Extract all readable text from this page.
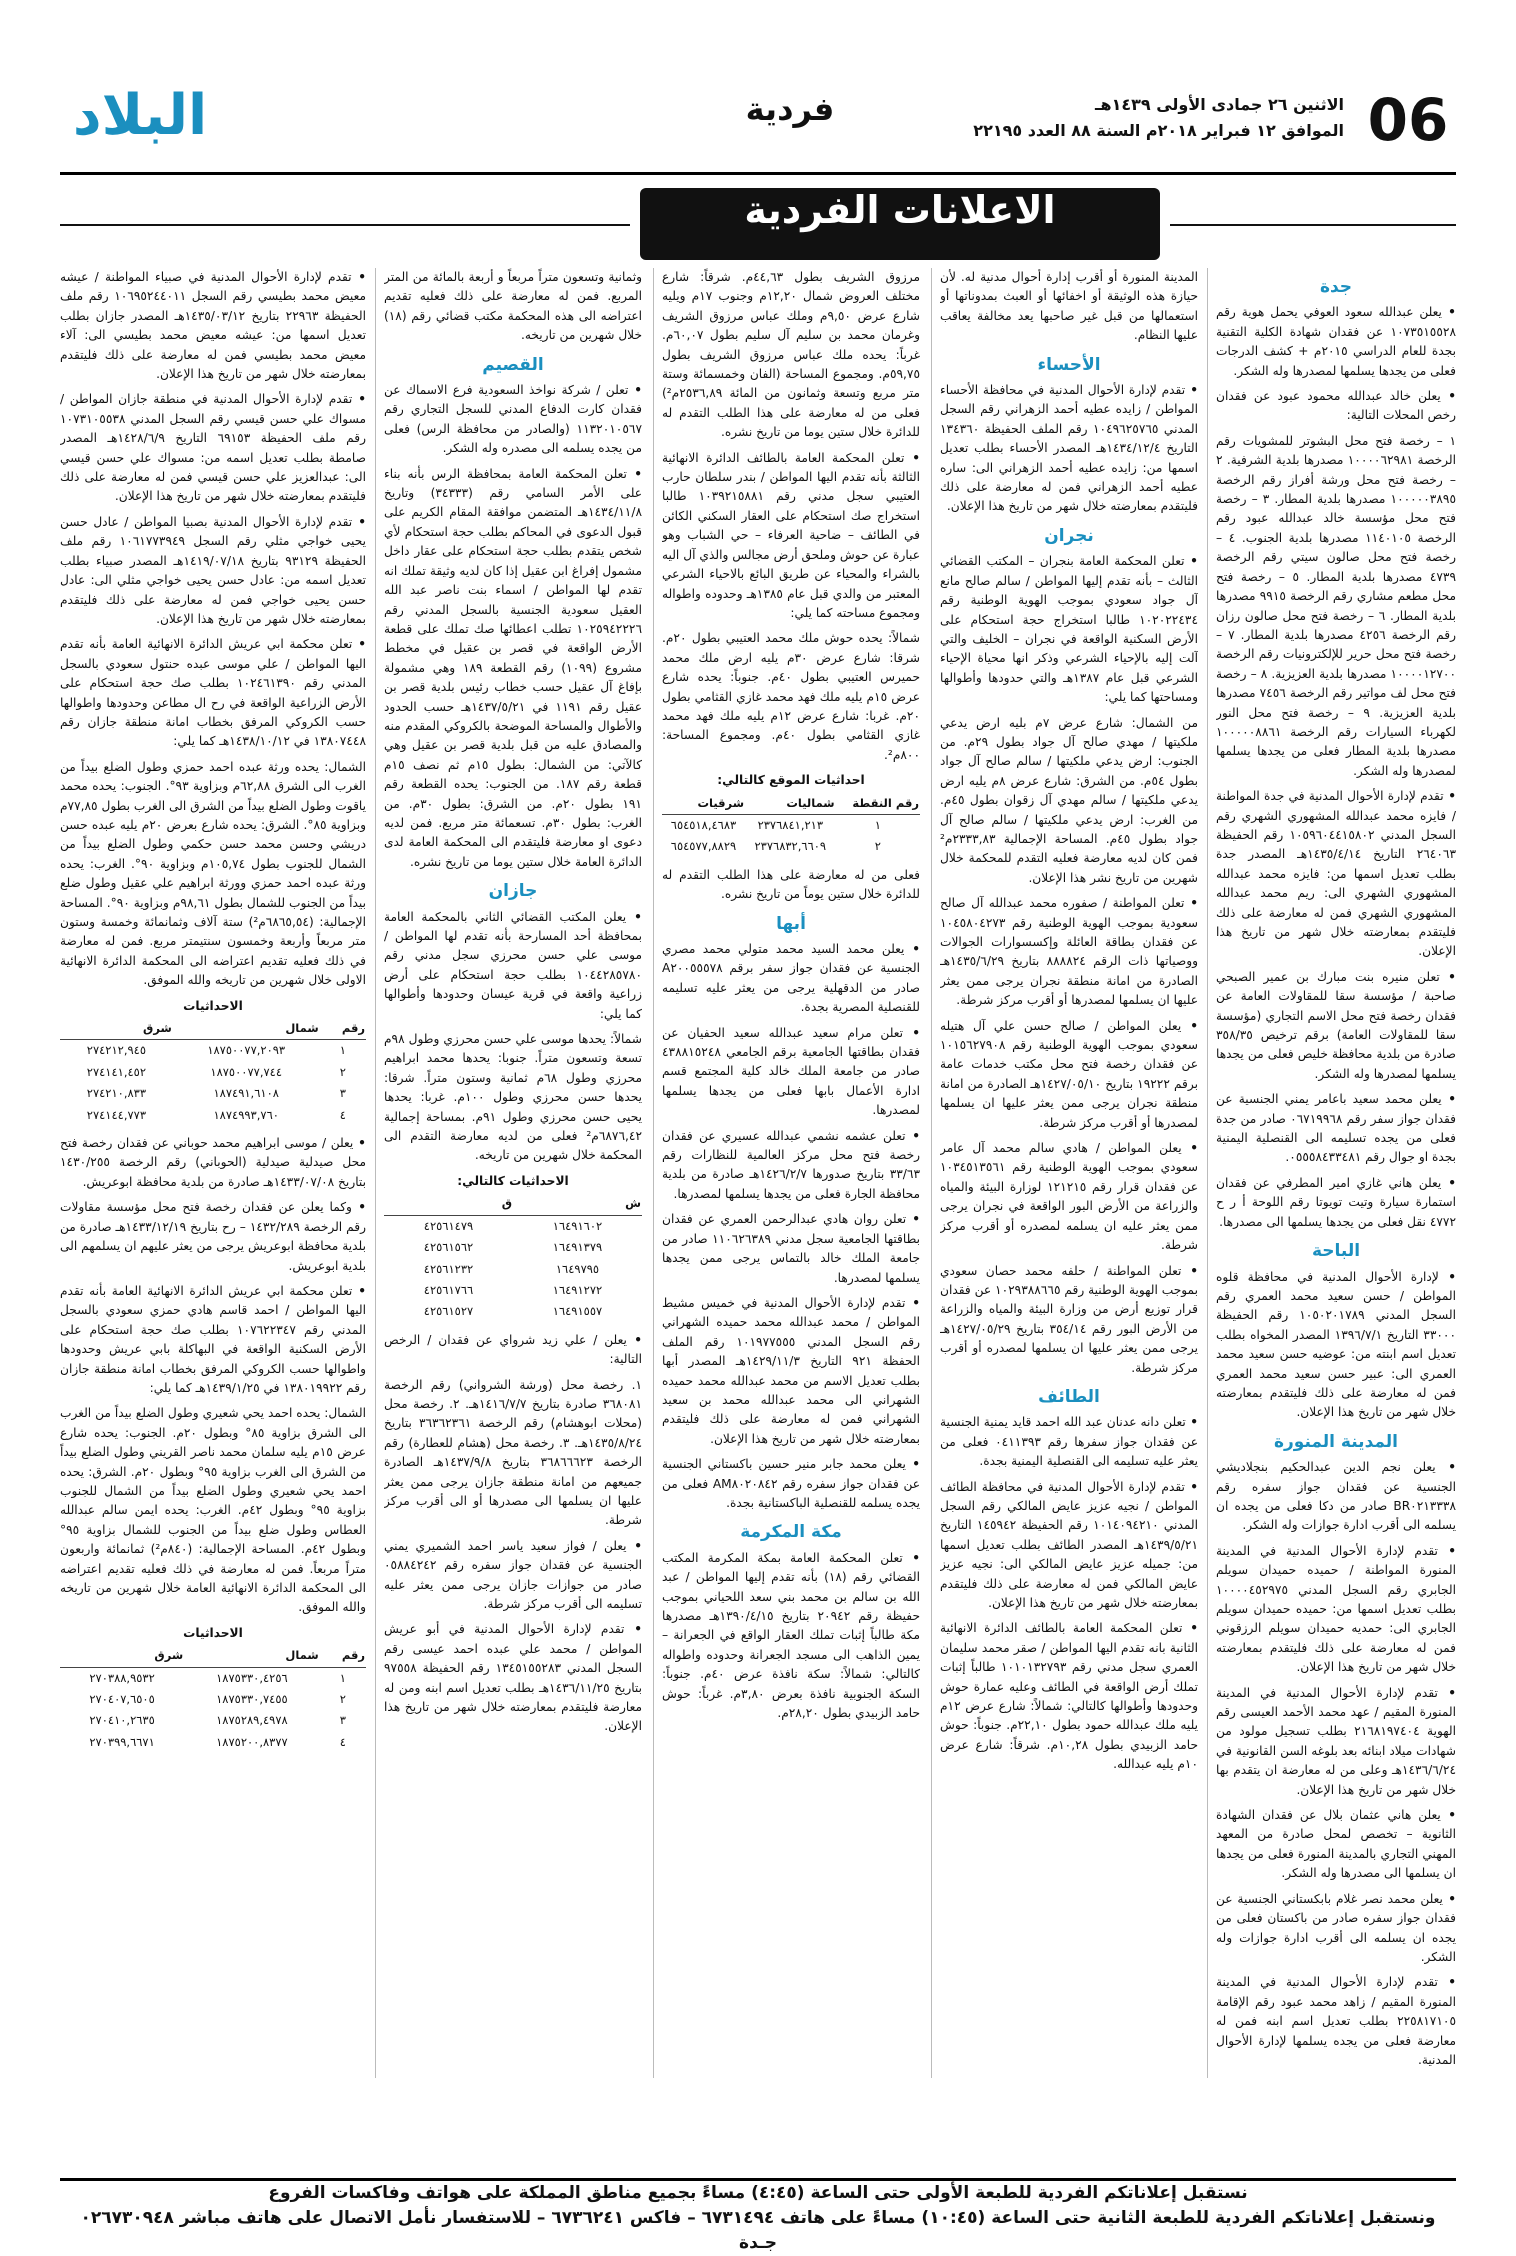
06
الاثنين ٢٦ جمادى الأولى ١٤٣٩هـ
الموافق ١٢ فبراير ٢٠١٨م السنة ٨٨ العدد ٢٢١٩٥
فردية
البلاد
الاعلانات الفردية
جدة
• يعلن عبدالله سعود العوفي يحمل هوية رقم ١٠٧٣٥١٥٥٢٨ عن فقدان شهادة الكلية التقنية بجدة للعام الدراسي ٢٠١٥م + كشف الدرجات فعلى من يجدها يسلمها لمصدرها وله الشكر.
• يعلن خالد عبدالله محمود عبود عن فقدان رخص المحلات التالية:
١ – رخصة فتح محل البشوتر للمشويات رقم الرخصة ١٠٠٠٠٦٢٩٨١ مصدرها بلدية الشرفية. ٢ – رخصة فتح محل ورشة أفراز رقم الرخصة ١٠٠٠٠٠٣٨٩٥ مصدرها بلدية المطار. ٣ – رخصة فتح محل مؤسسة خالد عبدالله عبود رقم الرخصة ١١٤٠١٠٥ مصدرها بلدية الجنوب. ٤ – رخصة فتح محل صالون سيتي رقم الرخصة ٤٧٣٩ مصدرها بلدية المطار. ٥ – رخصة فتح محل مطعم مشاري رقم الرخصة ٩٩١٥ مصدرها بلدية المطار. ٦ – رخصة فتح محل صالون رزان رقم الرخصة ٤٢٥٦ مصدرها بلدية المطار. ٧ – رخصة فتح محل حرير للإلكترونيات رقم الرخصة ١٠٠٠٠١٢٧٠٠ مصدرها بلدية العزيزية. ٨ – رخصة فتح محل لف مواتير رقم الرخصة ٧٤٥٦ مصدرها بلدية العزيزية. ٩ – رخصة فتح محل النور لكهرباء السيارات رقم الرخصة ١٠٠٠٠٠٨٨٦١ مصدرها بلدية المطار فعلى من يجدها يسلمها لمصدرها وله الشكر.
• تقدم لإدارة الأحوال المدنية في جدة المواطنة / فايزه محمد عبدالله المشهوري الشهري رقم السجل المدني ١٠٥٩٦٠٤٤١٥٨٠٢ رقم الحفيظة ٢٦٤٠٦٣ التاريخ ١٤٣٥/٤/١٤هـ المصدر جدة بطلب تعديل اسمها من: فايزه محمد عبدالله المشهوري الشهري الى: ريم محمد عبدالله المشهوري الشهري فمن له معارضة على ذلك فليتقدم بمعارضته خلال شهر من تاريخ هذا الإعلان.
• تعلن منيره بنت مبارك بن عمير الصبحي صاحبة / مؤسسة سقا للمقاولات العامة عن فقدان رخصة فتح محل الاسم التجاري (مؤسسة سقا للمقاولات العامة) برقم ترخيص ٣٥٨/٣٥ صادرة من بلدية محافظة خليص فعلى من يجدها يسلمها لمصدرها وله الشكر.
• يعلن محمد سعيد باعامر يمني الجنسية عن فقدان جواز سفر رقم ٠٦٧١٩٩٦٨ صادر من جدة فعلى من يجده تسليمه الى القنصلية اليمنية بجدة او جوال رقم ٠٥٥٥٨٤٣٣٤٨١.
• يعلن هاني غازي امير المطرفي عن فقدان استمارة سيارة وتيت تويوتا رقم اللوحة أ ر ح ٤٧٧٢ نقل فعلى من يجدها يسلمها الى مصدرها.
الباحة
• لإدارة الأحوال المدنية في محافظة قلوه المواطن / حسن سعيد محمد العمري رقم السجل المدني ١٠٥٠٢٠١٧٨٩ رقم الحفيظة ٣٣٠٠٠ التاريخ ١٣٩٦/٧/١ المصدر المخواه بطلب تعديل اسم ابنته من: عوضيه حسن سعيد محمد العمري الى: عبير حسن سعيد محمد العمري فمن له معارضة على ذلك فليتقدم بمعارضته خلال شهر من تاريخ هذا الإعلان.
المدينة المنورة
• يعلن نجم الدين عبدالحكيم بنجلاديشي الجنسية عن فقدان جواز سفره رقم BR٠٢١٣٣٣٨ صادر من دكا فعلى من يجده ان يسلمه الى أقرب ادارة جوازات وله الشكر.
• تقدم لإدارة الأحوال المدنية في المدينة المنورة المواطنة / حميده حميدان سويلم الجابري رقم السجل المدني ١٠٠٠٠٤٥٢٩٧٥ بطلب تعديل اسمها من: حميده حميدان سويلم الجابري الى: حمديه حميدان سويلم الرزقوني فمن له معارضة على ذلك فليتقدم بمعارضته خلال شهر من تاريخ هذا الإعلان.
• تقدم لإدارة الأحوال المدنية في المدينة المنورة المقيم / عهد محمد الأحمد العيسى رقم الهوية ٢١٦٨١٩٧٤٠٤ بطلب تسجيل مولود من شهادات ميلاد ابنائه بعد بلوغه السن القانونية في ١٤٣٦/٦/٢٤هـ وعلى من له معارضة ان يتقدم بها خلال شهر من تاريخ هذا الإعلان.
• يعلن هاني عثمان بلال عن فقدان الشهادة الثانوية – تخصص لمحل صادرة من المعهد المهني التجاري بالمدينة المنورة فعلى من يجدها ان يسلمها الى مصدرها وله الشكر.
• يعلن محمد نصر غلام بابكستاني الجنسية عن فقدان جواز سفره صادر من باكستان فعلى من يجده ان يسلمه الى أقرب ادارة جوازات وله الشكر.
• تقدم لإدارة الأحوال المدنية في المدينة المنورة المقيم / زاهد محمد عبود رقم الإقامة ٢٢٥٨١٧١٠٥ بطلب تعديل اسم ابنه فمن له معارضة فعلى من يجده يسلمها لإدارة الأحوال المدنية.
المدينة المنورة أو أقرب إدارة أحوال مدنية له. لأن حيازة هذه الوثيقة أو اخفائها أو العبث بمدوناتها أو استعمالها من قبل غير صاحبها يعد مخالفة يعاقب عليها النظام.
الأحساء
• تقدم لإدارة الأحوال المدنية في محافظة الأحساء المواطن / زايده عطيه أحمد الزهراني رقم السجل المدني ١٠٤٩٦٢٥٧٦٥ رقم الملف الحفيظة ١٣٤٣٦٠ التاريخ ١٤٣٤/١٢/٤هـ المصدر الأحساء بطلب تعديل اسمها من: زايده عطيه أحمد الزهراني الى: ساره عطيه أحمد الزهراني فمن له معارضة على ذلك فليتقدم بمعارضته خلال شهر من تاريخ هذا الإعلان.
نجران
• تعلن المحكمة العامة بنجران – المكتب القضائي الثالث – بأنه تقدم إليها المواطن / سالم صالح مانع آل جواد سعودي بموجب الهوية الوطنية رقم ١٠٢٠٢٢٤٣٤ طالبا استخراج حجة استحكام على الأرض السكنية الواقعة في نجران – الخليف والتي آلت إليه بالإحياء الشرعي وذكر انها محياة الإحياء الشرعي قبل عام ١٣٨٧هـ والتي حدودها وأطوالها ومساحتها كما يلي:
من الشمال: شارع عرض ٧م بليه ارض يدعي ملكيتها / مهدي صالح آل جواد بطول ٢٩م. من الجنوب: ارض يدعي ملكيتها / سالم صالح آل جواد بطول ٥٤م. من الشرق: شارع عرض ٨م يليه ارض يدعي ملكيتها / سالم مهدي آل زقوان بطول ٤٥م. من الغرب: ارض يدعي ملكيتها / سالم صالح آل جواد بطول ٤٥م. المساحة الإجمالية ٢٣٣٣,٨٣م² فمن كان لديه معارضة فعليه التقدم للمحكمة خلال شهرين من تاريخ نشر هذا الإعلان.
• تعلن المواطنة / صفوره محمد عبدالله آل صالح سعودية بموجب الهوية الوطنية رقم ١٠٤٥٨٠٤٢٧٣ عن فقدان بطاقة العائلة وإكسسوارات الجوالات ووصياتها ذات الرقم ٨٨٨٨٢٤ بتاريخ ١٤٣٥/٦/٢٩هـ الصادرة من امانة منطقة نجران يرجى ممن يعثر عليها ان يسلمها لمصدرها أو أقرب مركز شرطة.
• يعلن المواطن / صالح حسن علي آل هتيله سعودي بموجب الهوية الوطنية رقم ١٠١٥٦٢٧٩٠٨ عن فقدان رخصة فتح محل مكتب خدمات عامة برقم ١٩٢٢٢ بتاريخ ١٤٢٧/٠٥/١٠هـ الصادرة من امانة منطقة نجران يرجى ممن يعثر عليها ان يسلمها لمصدرها أو أقرب مركز شرطة.
• يعلن المواطن / هادي سالم محمد آل عامر سعودي بموجب الهوية الوطنية رقم ١٠٣٤٥١٣٥٦١ عن فقدان قرار رقم ١٢١٢١٥ لوزارة البيئة والمياه والزراعة من الأرض البور الواقعة في نجران يرجى ممن يعثر عليه ان يسلمه لمصدره أو أقرب مركز شرطة.
• تعلن المواطنة / حلفه محمد حصان سعودي بموجب الهوية الوطنية رقم ١٠٢٩٣٨٨٦٦٥ عن فقدان قرار توزيع أرض من وزارة البيئة والمياه والزراعة من الأرض البور رقم ٣٥٤/١٤ بتاريخ ١٤٢٧/٠٥/٢٩هـ يرجى ممن يعثر عليها ان يسلمها لمصدره أو أقرب مركز شرطة.
الطائف
• تعلن دانه عدنان عبد الله احمد قايد يمنية الجنسية عن فقدان جواز سفرها رقم ٠٤١١٣٩٣ فعلى من يعثر عليه تسليمه الى القنصلية اليمنية بجدة.
• تقدم لإدارة الأحوال المدنية في محافظة الطائف المواطن / نجيه عزيز عايض المالكي رقم السجل المدني ١٠١٤٠٩٤٢١٠ رقم الحفيظة ١٤٥٩٤٢ التاريخ ١٤٣٩/٥/٢١هـ المصدر الطائف بطلب تعديل اسمها من: جميله عزيز عايض المالكي الى: نجيه عزيز عايض المالكي فمن له معارضة على ذلك فليتقدم بمعارضته خلال شهر من تاريخ هذا الإعلان.
• تعلن المحكمة العامة بالطائف الدائرة الانهائية الثانية بانه تقدم اليها المواطن / صقر محمد سليمان العمري سجل مدني رقم ١٠١٠١٣٢٧٩٣ طالباً إثبات تملك أرض الواقعة في الطائف وعليه عمارة حوش وحدودها وأطوالها كالتالي: شمالاً: شارع عرض ١٢م يليه ملك عبدالله حمود بطول ٢٢,١٠م. جنوباً: حوش حامد الزبيدي بطول ١٠,٢٨م. شرقاً: شارع عرض ١٠م يليه عبدالله.
مرزوق الشريف بطول ٤٤,٦٣م. شرقاً: شارع مختلف العروض شمال ١٢,٢٠م وجنوب ١٧م ويليه شارع عرض ٩,٥٠م وملك عباس مرزوق الشريف وغرمان محمد بن سليم آل سليم بطول ٦٠,٠٧م. غرباً: يحده ملك عباس مرزوق الشريف بطول ٥٩,٧٥م. ومجموع المساحة (الفان وخمسمائة وستة متر مربع وتسعة وثمانون من المائة ٢٥٣٦,٨٩م²) فعلى من له معارضة على هذا الطلب التقدم له للدائرة خلال ستين يوما من تاريخ نشره.
• تعلن المحكمة العامة بالطائف الدائرة الانهائية الثالثة بأنه تقدم اليها المواطن / بندر سلطان حارب العتيبي سجل مدني رقم ١٠٣٩٢١٥٨٨١ طالبا استخراج صك استحكام على العقار السكني الكائن في الطائف – ضاحية العرفاء – حي الشباب وهو عبارة عن حوش وملحق أرض مجالس والذي آل اليه بالشراء والمحياء عن طريق البائع بالاحياء الشرعي المعتبر من والدي قبل عام ١٣٨٥هـ وحدوده واطواله ومجموع مساحته كما يلي:
شمالاً: يحده حوش ملك محمد العتيبي بطول ٢٠م. شرقا: شارع عرض ٣٠م يليه ارض ملك محمد حميرس العتيبي بطول ٤٠م. جنوباً: يحده شارع عرض ١٥م يليه ملك فهد محمد غازي القثامي بطول ٢٠م. غربا: شارع عرض ١٢م يليه ملك فهد محمد غازي القثامي بطول ٤٠م. ومجموع المساحة: ٨٠٠م².
احداثيات الموقع كالتالي:
رقم النقطة	شماليات	شرقيات
١	٢٣٧٦٨٤١,٢١٣	٦٥٤٥١٨,٤٦٨٣
٢	٢٣٧٦٨٣٢,٦٦٠٩	٦٥٤٥٧٧,٨٨٢٩
فعلى من له معارضة على هذا الطلب التقدم له للدائرة خلال ستين يوماً من تاريخ نشره.
أبها
• يعلن محمد السيد محمد متولي محمد مصري الجنسية عن فقدان جواز سفر برقم A٢٠٠٥٥٥٧٨ صادر من الدقهلية يرجى من يعثر عليه تسليمه للقنصلية المصرية بجدة.
• تعلن مرام سعيد عبدالله سعيد الحفيان عن فقدان بطاقتها الجامعية برقم الجامعي ٤٣٨٨١٥٢٤٨ صادر من جامعة الملك خالد كلية المجتمع قسم ادارة الأعمال بابها فعلى من يجدها يسلمها لمصدرها.
• تعلن عشمه نشمي عبدالله عسيري عن فقدان رخصة فتح محل مركز العالمية للنظارات رقم ٣٣/٦٣ بتاريخ صدورها ١٤٢٦/٢/٧هـ صادرة من بلدية محافظة الجارة فعلى من يجدها يسلمها لمصدرها.
• تعلن روان هادي عبدالرحمن العمري عن فقدان بطاقتها الجامعية سجل مدني ١١٠٦٢٦٣٨٩ صادر من جامعة الملك خالد بالتماس يرجى ممن يجدها يسلمها لمصدرها.
• تقدم لإدارة الأحوال المدنية في خميس مشيط المواطن / محمد عبدالله محمد حميده الشهراني رقم السجل المدني ١٠١٩٧٧٥٥٥ رقم الملف الحفظة ٩٢١ التاريخ ١٤٢٩/١١/٣هـ المصدر أبها بطلب تعديل الاسم من محمد عبدالله محمد حميده الشهراني الى محمد عبدالله محمد بن سعيد الشهراني فمن له معارضة على ذلك فليتقدم بمعارضته خلال شهر من تاريخ هذا الإعلان.
• يعلن محمد جابر منير حسين باكستاني الجنسية عن فقدان جواز سفره رقم AM٨٠٢٠٨٤٢ فعلى من يجده يسلمه للقنصلية الباكستانية بجدة.
مكة المكرمة
• تعلن المحكمة العامة بمكة المكرمة المكتب القضائي رقم (١٨) بأنه تقدم إليها المواطن / عبد الله بن سالم بن محمد بني سعد اللحياني بموجب حفيظة رقم ٢٠٩٤٢ بتاريخ ١٣٩٠/٤/١٥هـ مصدرها مكة طالباً إثبات تملك العقار الواقع في الجعرانة – يمين الذاهب الى مسجد الجعرانة وحدوده واطواله كالتالي: شمالاً: سكة نافذة عرض ٤٠م. جنوباً: السكة الجنوبية نافذة بعرض ٣,٨٠م. غرباً: حوش حامد الزبيدي بطول ٢٨,٢٠م.
وثمانية وتسعون متراً مربعاً و أربعة بالمائة من المتر المربع. فمن له معارضة على ذلك فعليه تقديم اعتراضه الى هذه المحكمة مكتب قضائي رقم (١٨) خلال شهرين من تاريخه.
القصيم
• تعلن / شركة نواخذ السعودية فرع الاسماك عن فقدان كارت الدفاع المدني للسجل التجاري رقم ١١٣٢٠١٠٥٦٧ (والصادر من محافظة الرس) فعلى من يجده يسلمه الى مصدره وله الشكر.
• تعلن المحكمة العامة بمحافظة الرس بأنه بناء على الأمر السامي رقم (٣٤٣٣٣) وتاريخ ١٤٣٤/١١/٨هـ المتضمن موافقة المقام الكريم على قبول الدعوى في المحاكم بطلب حجة استحكام لأي شخص يتقدم بطلب حجة استحكام على عقار داخل مشمول إفراغ ابن عقيل إذا كان لديه وثيقة تملك انه تقدم لها المواطن / اسماء بنت ناصر عبد الله العقيل سعودية الجنسية بالسجل المدني رقم ١٠٢٥٩٤٢٢٢٦ تطلب اعطائها صك تملك على قطعة الأرض الواقعة في قصر بن عقيل في مخطط مشروع (١٠٩٩) رقم القطعة ١٨٩ وهي مشمولة بإفاغ آل عقيل حسب خطاب رئيس بلدية قصر بن عقيل رقم ١١٩١ في ١٤٣٧/٥/٢١هـ حسب الحدود والأطوال والمساحة الموضحة بالكروكي المقدم منه والمصادق عليه من قبل بلدية قصر بن عقيل وهي كالآتي: من الشمال: بطول ١٥م ثم نصف ١٥م قطعة رقم ١٨٧. من الجنوب: يحده القطعة رقم ١٩١ بطول ٢٠م. من الشرق: بطول ٣٠م. من الغرب: بطول ٣٠م. تسعمائة متر مربع. فمن لديه دعوى او معارضة فليتقدم الى المحكمة العامة لدى الدائرة العامة خلال ستين يوما من تاريخ نشره.
جازان
• يعلن المكتب القضائي الثاني بالمحكمة العامة بمحافظة أحد المسارحة بأنه تقدم لها المواطن / موسى علي حسن محرزي سجل مدني رقم ١٠٤٤٢٨٥٧٨٠ بطلب حجة استحكام على أرض زراعية واقعة في قرية عيسان وحدودها وأطوالها كما يلي:
شمالاً: يحدها موسى علي حسن محرزي وطول ٩٨م تسعة وتسعون متراً. جنوبا: يحدها محمد ابراهيم محرزي وطول ٦٨م ثمانية وستون متراً. شرقا: يحدها حسن محرزي وطول ١٠٠م. غربا: يحدها يحيى حسن محرزي وطول ٩١م. بمساحة إجمالية ٦٨٧٦,٤٢م² فعلى من لديه معارضة التقدم الى المحكمة خلال شهرين من تاريخه.
الاحداثيات كالتالي:
ش	ق
١٦٤٩١٦٠٢	٤٢٥٦١٤٧٩
١٦٤٩١٣٧٩	٤٢٥٦١٥٦٢
١٦٤٩٧٩٥	٤٢٥٦١٢٣٢
١٦٤٩١٢٧٢	٤٢٥٦١٧٦٦
١٦٤٩١٥٥٧	٤٢٥٦١٥٢٧
• يعلن / علي زيد شرواي عن فقدان / الرخص التالية:
١. رخصة محل (ورشة الشرواني) رقم الرخصة ٣٦٨٠٨١ صادرة بتاريخ ١٤١٦/٧/٧هـ. ٢. رخصة محل (محلات ابوهشام) رقم الرخصة ٣٦٣٦٢٣٦١ بتاريخ ١٤٣٥/٨/٢٤هـ. ٣. رخصة محل (هشام للعطارة) رقم الرخصة ٣٦٨٦٦٦٢٣ بتاريخ ١٤٣٧/٩/٨هـ الصادرة جميعهم من امانة منطقة جازان يرجى ممن يعثر عليها ان يسلمها الى مصدرها أو الى أقرب مركز شرطة.
• يعلن / فواز سعيد ياسر احمد الشميري يمني الجنسية عن فقدان جواز سفره رقم ٠٥٨٨٤٢٤٢ صادر من جوازات جازان يرجى ممن يعثر عليه تسليمه الى أقرب مركز شرطة.
• تقدم لإدارة الأحوال المدنية في أبو عريش المواطن / محمد علي عبده احمد عيسى رقم السجل المدني ١٣٤٥١٥٥٢٨٣ رقم الحفيظة ٩٧٥٥٨ بتاريخ ١٤٣٦/١١/٢٥هـ بطلب تعديل اسم ابنه ومن له معارضة فليتقدم بمعارضته خلال شهر من تاريخ هذا الإعلان.
• تقدم لإدارة الأحوال المدنية في صبياء المواطنة / عيشه معيض محمد بطيسي رقم السجل ١٠٦٩٥٢٤٤٠١١ رقم ملف الحفيظة ٢٢٩٦٣ بتاريخ ١٤٣٥/٠٣/١٢هـ المصدر جازان بطلب تعديل اسمها من: عيشه معيض محمد بطيسي الى: آلاء معيض محمد بطيسي فمن له معارضة على ذلك فليتقدم بمعارضته خلال شهر من تاريخ هذا الإعلان.
• تقدم لإدارة الأحوال المدنية في منطقة جازان المواطن / مسواك علي حسن قيسي رقم السجل المدني ١٠٧٣١٠٥٥٣٨ رقم ملف الحفيظة ٦٩١٥٣ التاريخ ١٤٢٨/٦/٩هـ المصدر صامطة بطلب تعديل اسمه من: مسواك علي حسن قيسي الى: عبدالعزيز علي حسن قيسي فمن له معارضة على ذلك فليتقدم بمعارضته خلال شهر من تاريخ هذا الإعلان.
• تقدم لإدارة الأحوال المدنية بصبيا المواطن / عادل حسن يحيى خواجي مثلي رقم السجل ١٠٦١٧٧٣٩٤٩ رقم ملف الحفيظة ٩٣١٢٩ بتاريخ ١٤١٩/٠٧/١٨هـ المصدر صبياء بطلب تعديل اسمه من: عادل حسن يحيى خواجي مثلي الى: عادل حسن يحيى خواجي فمن له معارضة على ذلك فليتقدم بمعارضته خلال شهر من تاريخ هذا الإعلان.
• تعلن محكمة ابي عريش الدائرة الانهائية العامة بأنه تقدم اليها المواطن / علي موسى عبده حنتول سعودي بالسجل المدني رقم ١٠٢٤٦١٣٩٠ بطلب صك حجة استحكام على الأرض الزراعية الواقعة في رح ال مطاعن وحدودها واطوالها حسب الكروكي المرفق بخطاب امانة منطقة جازان رقم ١٣٨٠٧٤٤٨ في ١٤٣٨/١٠/١٢هـ كما يلي:
الشمال: يحده ورثة عبده احمد حمزي وطول الضلع بيداً من الغرب الى الشرق ٦٢,٨٨م وبزاوية ٩٣°. الجنوب: يحده محمد ياقوت وطول الضلع بيداً من الشرق الى الغرب بطول ٧٧,٨٥م وبزاوية ٨٥°. الشرق: يحده شارع بعرض ٢٠م يليه عبده حسن دريشي وحسن محمد حسن حكمي وطول الضلع بيداً من الشمال للجنوب بطول ١٠٥,٧٤م وبزاوية ٩٠°. الغرب: يحده ورثة عبده احمد حمزي وورثة ابراهيم علي عقيل وطول ضلع بيداً من الجنوب للشمال بطول ٩٨,٦١م وبزاوية ٩٠°. المساحة الإجمالية: (٦٨٦٥,٥٤م²) ستة آلاف وثمانمائة وخمسة وستون متر مربعاً وأربعة وخمسون سنتيمتر مربع. فمن له معارضة في ذلك فعليه تقديم اعتراضه الى المحكمة الدائرة الانهائية الاولى خلال شهرين من تاريخه والله الموفق.
الاحداثيات
رقم	شمال	شرق
١	١٨٧٥٠٠٧٧,٢٠٩٣	٢٧٤٢١٢,٩٤٥
٢	١٨٧٥٠٠٧٧,٧٤٤	٢٧٤١٤١,٤٥٢
٣	١٨٧٤٩١,٦١٠٨	٢٧٤٢١٠,٨٣٣
٤	١٨٧٤٩٩٣,٧٦٠	٢٧٤١٤٤,٧٧٣
• يعلن / موسى ابراهيم محمد حوباني عن فقدان رخصة فتح محل صيدلية صيدلية (الحوباني) رقم الرخصة ١٤٣٠/٢٥٥ بتاريخ ١٤٣٣/٠٧/٠٨هـ صادرة من بلدية محافظة ابوعريش.
• وكما يعلن عن فقدان رخصة فتح محل مؤسسة مقاولات رقم الرخصة ١٤٣٢/٢٨٩ – رح بتاريخ ١٤٣٣/١٢/١٩هـ صادرة من بلدية محافظة ابوعريش يرجى من يعثر عليهم ان يسلمهم الى بلدية ابوعريش.
• تعلن محكمة ابي عريش الدائرة الانهائية العامة بأنه تقدم اليها المواطن / احمد قاسم هادي حمزي سعودي بالسجل المدني رقم ١٠٧٦٢٢٣٤٧ بطلب صك حجة استحكام على الأرض السكنية الواقعة في البهاكلة بابي عريش وحدودها واطوالها حسب الكروكي المرفق بخطاب امانة منطقة جازان رقم ١٣٨٠١٩٩٢٢ في ١٤٣٩/١/٢٥هـ كما يلي:
الشمال: يحده احمد يحي شعيري وطول الضلع بيداً من الغرب الى الشرق بزاوية ٨٥° وبطول ٢٠م. الجنوب: يحده شارع عرض ١٥م يليه سلمان محمد ناصر القريني وطول الضلع بيداً من الشرق الى الغرب بزاوية ٩٥° وبطول ٢٠م. الشرق: يحده احمد يحي شعيري وطول الضلع بيداً من الشمال للجنوب بزاوية ٩٥° وبطول ٤٢م. الغرب: يحده ايمن سالم عبدالله العطاس وطول ضلع بيداً من الجنوب للشمال بزاوية ٩٥° وبطول ٤٢م. المساحة الإجمالية: (٨٤٠م²) ثمانمائة واربعون متراً مربعاً. فمن له معارضة في ذلك فعليه تقديم اعتراضه الى المحكمة الدائرة الانهائية العامة خلال شهرين من تاريخه والله الموفق.
الاحداثيات
رقم	شمال	شرق
١	١٨٧٥٣٣٠,٤٢٥٦	٢٧٠٣٨٨,٩٥٣٢
٢	١٨٧٥٣٣٠,٧٤٥٥	٢٧٠٤٠٧,٦٥٠٥
٣	١٨٧٥٢٨٩,٤٩٧٨	٢٧٠٤١٠,٢٦٣٥
٤	١٨٧٥٢٠٠,٨٣٧٧	٢٧٠٣٩٩,٦٦٧١
نستقبل إعلاناتكم الفردية للطبعة الأولى حتى الساعة (٤:٤٥) مساءً بجميع مناطق المملكة على هواتف وفاكسات الفروع
ونستقبل إعلاناتكم الفردية للطبعة الثانية حتى الساعة (١٠:٤٥) مساءً على هاتف ٦٧٣١٤٩٤ – فاكس ٦٧٣٦٢٤١ – للاستفسار نأمل الاتصال على هاتف مباشر ٠٢٦٧٣٠٩٤٨ جـدة
